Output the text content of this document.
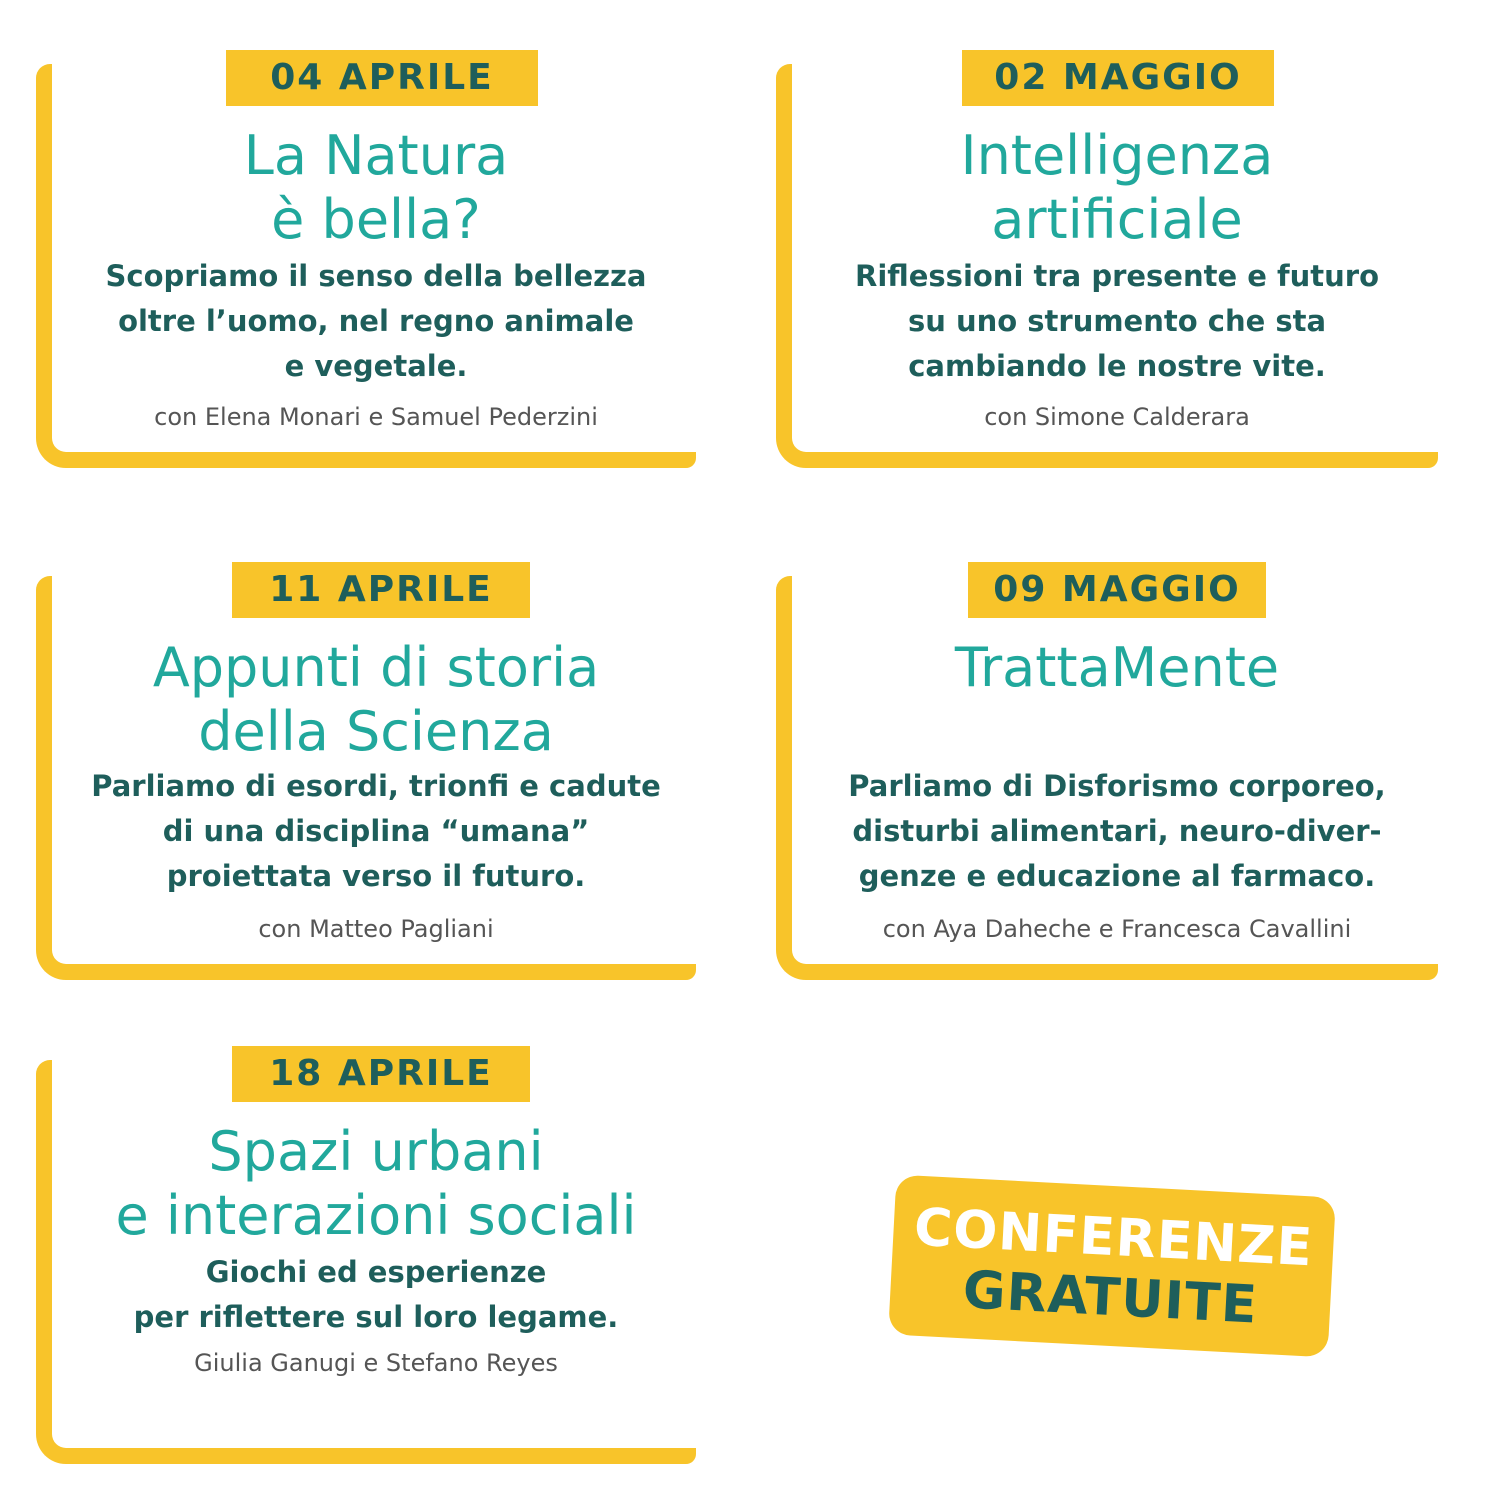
04 APRILE
La Natura
è bella?
Scopriamo il senso della bellezza
oltre l’uomo, nel regno animale
e vegetale.
con Elena Monari e Samuel Pederzini
02 MAGGIO
Intelligenza
artificiale
Riflessioni tra presente e futuro
su uno strumento che sta
cambiando le nostre vite.
con Simone Calderara
11 APRILE
Appunti di storia
della Scienza
Parliamo di esordi, trionfi e cadute
di una disciplina “umana”
proiettata verso il futuro.
con Matteo Pagliani
09 MAGGIO
TrattaMente
Parliamo di Disforismo corporeo,
disturbi alimentari, neuro-diver-
genze e educazione al farmaco.
con Aya Daheche e Francesca Cavallini
18 APRILE
Spazi urbani
e interazioni sociali
Giochi ed esperienze
per riflettere sul loro legame.
Giulia Ganugi e Stefano Reyes
CONFERENZE
GRATUITE
